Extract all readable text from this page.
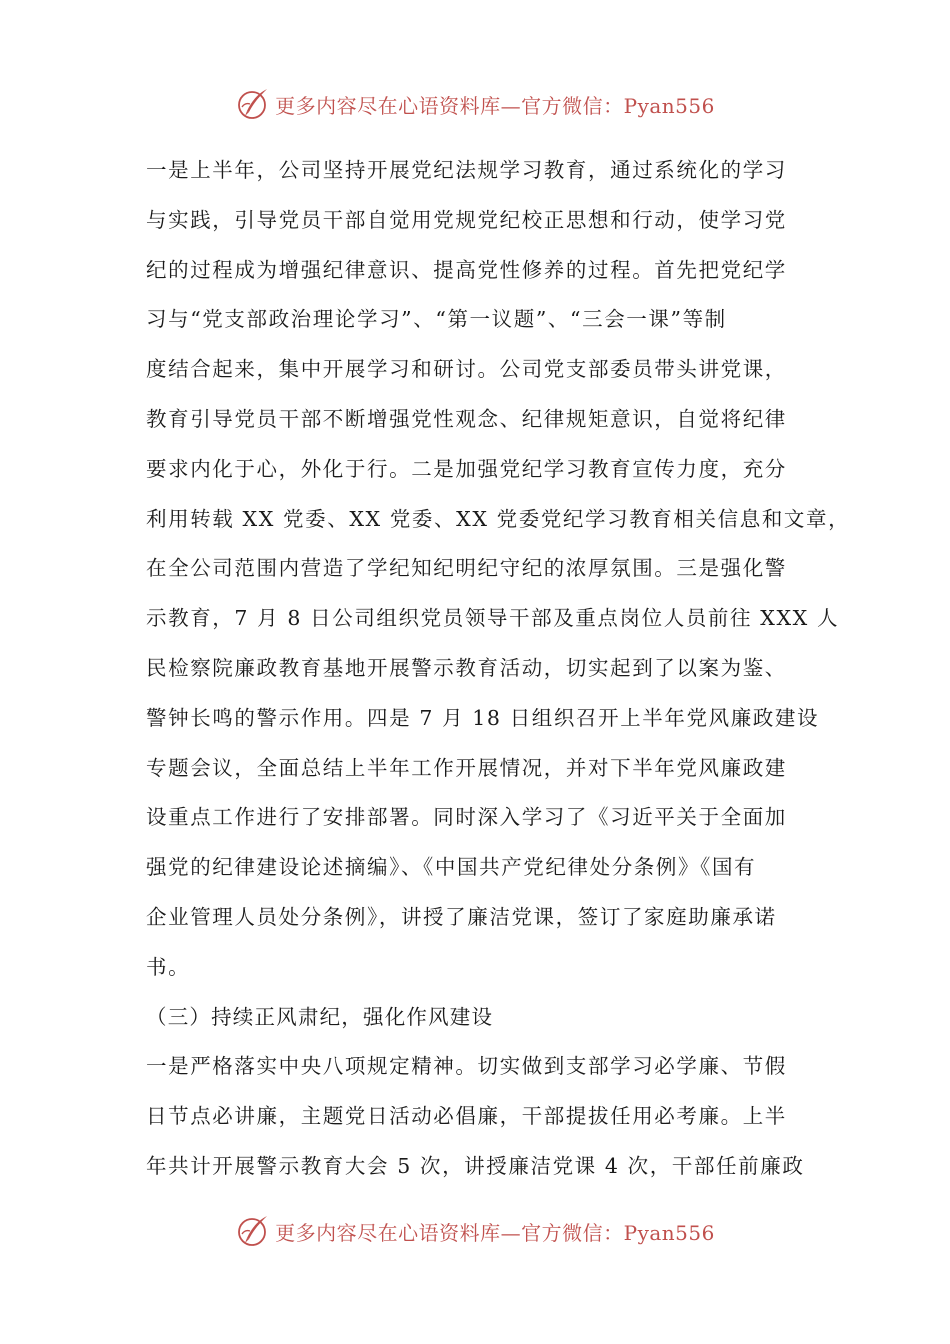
更多内容尽在心语资料库—官方微信：Pyan556
一是上半年，公司坚持开展党纪法规学习教育，通过系统化的学习
与实践，引导党员干部自觉用党规党纪校正思想和行动，使学习党
纪的过程成为增强纪律意识、提高党性修养的过程。首先把党纪学
习与“党支部政治理论学习”、“第一议题”、“三会一课”等制
度结合起来，集中开展学习和研讨。公司党支部委员带头讲党课，
教育引导党员干部不断增强党性观念、纪律规矩意识，自觉将纪律
要求内化于心，外化于行。二是加强党纪学习教育宣传力度，充分
利用转载 XX 党委、XX 党委、XX 党委党纪学习教育相关信息和文章，
在全公司范围内营造了学纪知纪明纪守纪的浓厚氛围。三是强化警
示教育，7 月 8 日公司组织党员领导干部及重点岗位人员前往 XXX 人
民检察院廉政教育基地开展警示教育活动，切实起到了以案为鉴、
警钟长鸣的警示作用。四是 7 月 18 日组织召开上半年党风廉政建设
专题会议，全面总结上半年工作开展情况，并对下半年党风廉政建
设重点工作进行了安排部署。同时深入学习了《习近平关于全面加
强党的纪律建设论述摘编》、《中国共产党纪律处分条例》《国有
企业管理人员处分条例》，讲授了廉洁党课，签订了家庭助廉承诺
书。
（三）持续正风肃纪，强化作风建设
一是严格落实中央八项规定精神。切实做到支部学习必学廉、节假
日节点必讲廉，主题党日活动必倡廉，干部提拔任用必考廉。上半
年共计开展警示教育大会 5 次，讲授廉洁党课 4 次，干部任前廉政
更多内容尽在心语资料库—官方微信：Pyan556
